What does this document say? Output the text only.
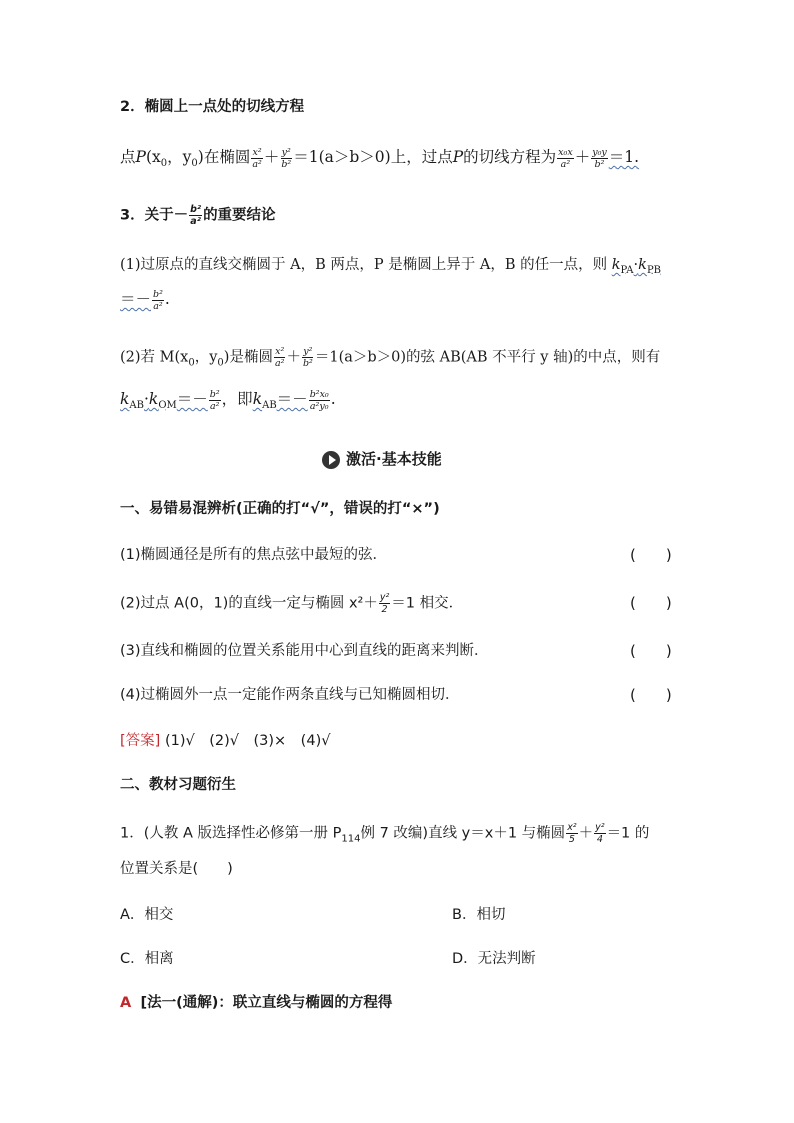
2．椭圆上一点处的切线方程
点$P(x_0$，$y_0$)在椭圆 $\frac{\text{x²}}{\text{a²}} + \frac{\text{y²}}{\text{b²}} =1(a>b>0)$上，过点P的切线方程为 $\frac{\text{x₀x}}{\text{a²}} + \frac{\text{y₀y}}{\text{b²}} =1$.
3．关于－ $\frac{\text{b²}}{\text{a²}}$ 的重要结论
(1)过原点的直线交椭圆于 A，B 两点，P 是椭圆上异于 A，B 的任一点，则 $k_{PA}\cdot k_{PB}$
＝－ $\frac{\text{b²}}{\text{a²}}$ .
(2)若 $M(x_0$，$y_0$)是椭圆 $\frac{\text{x²}}{\text{a²}} + \frac{\text{y²}}{\text{b²}} =1(a>b>0)$的弦 AB(AB 不平行 y 轴)的中点，则有
$k_{AB}\cdot k_{OM}=- \frac{\text{b²}}{\text{a²}}$ ，即$k_{AB}=- \frac{\text{b²x₀}}{\text{a²y₀}}$ .
激活·基本技能
一、易错易混辨析(正确的打“√”，错误的打“×”)
(1)椭圆通径是所有的焦点弦中最短的弦．	(　　)
(2)过点 A(0，1)的直线一定与椭圆 $x^2+ \frac{\text{y²}}{2} =1$ 相交．	(　　)
(3)直线和椭圆的位置关系能用中心到直线的距离来判断．	(　　)
(4)过椭圆外一点一定能作两条直线与已知椭圆相切．	(　　)
[答案] (1)√　(2)√　(3)×　(4)√
二、教材习题衍生
1．(人教 A 版选择性必修第一册 $P_{114}$例 7 改编)直线 y＝x＋1 与椭圆 $\frac{\text{x²}}{5} + \frac{\text{y²}}{4} =1$ 的
位置关系是(　　)
A．相交	B．相切
C．相离	D．无法判断
A [法一(通解)：联立直线与椭圆的方程得
